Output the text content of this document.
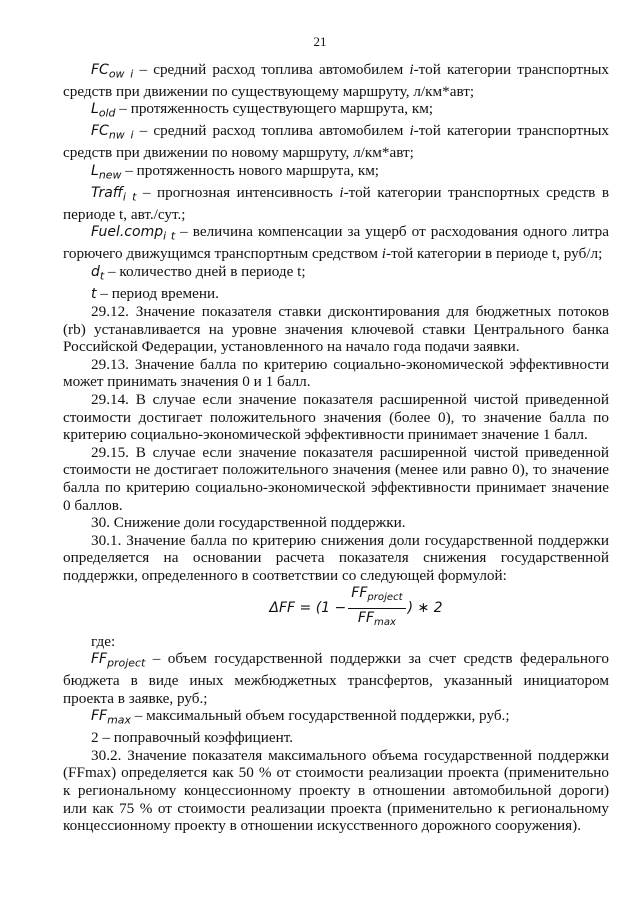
21

$FC_{ow i}$ – средний расход топлива автомобилем i-той категории транспортных средств при движении по существующему маршруту, л/км*авт;

$L_{old}$ – протяженность существующего маршрута, км;

$FC_{nw i}$ – средний расход топлива автомобилем i-той категории транспортных средств при движении по новому маршруту, л/км*авт;

$L_{new}$ – протяженность нового маршрута, км;

Traff$_{i t}$ – прогнозная интенсивность i-той категории транспортных средств в периоде t, авт./сут.;

Fuel.comp$_{i t}$ – величина компенсации за ущерб от расходования одного литра горючего движущимся транспортным средством i-той категории в периоде t, руб/л;

$d_t$ – количество дней в периоде t;

t – период времени.

29.12. Значение показателя ставки дисконтирования для бюджетных потоков (rb) устанавливается на уровне значения ключевой ставки Центрального банка Российской Федерации, установленного на начало года подачи заявки.

29.13. Значение балла по критерию социально-экономической эффективности может принимать значения 0 и 1 балл.

29.14. В случае если значение показателя расширенной чистой приведенной стоимости достигает положительного значения (более 0), то значение балла по критерию социально-экономической эффективности принимает значение 1 балл.

29.15. В случае если значение показателя расширенной чистой приведенной стоимости не достигает положительного значения (менее или равно 0), то значение балла по критерию социально-экономической эффективности принимает значение 0 баллов.

30. Снижение доли государственной поддержки.

30.1. Значение балла по критерию снижения доли государственной поддержки определяется на основании расчета показателя снижения государственной поддержки, определенного в соответствии со следующей формулой:

$\Delta FF = (1 - \frac{FF_{project}}{FF_{max}}$ ) ∗ 2

где:

$FF_{project}$ – объем государственной поддержки за счет средств федерального бюджета в виде иных межбюджетных трансфертов, указанный инициатором проекта в заявке, руб.;

$FF_{max}$ – максимальный объем государственной поддержки, руб.;

2 – поправочный коэффициент.

30.2. Значение показателя максимального объема государственной поддержки (FFmax) определяется как 50 % от стоимости реализации проекта (применительно к региональному концессионному проекту в отношении автомобильной дороги) или как 75 % от стоимости реализации проекта (применительно к региональному концессионному проекту в отношении искусственного дорожного сооружения).
